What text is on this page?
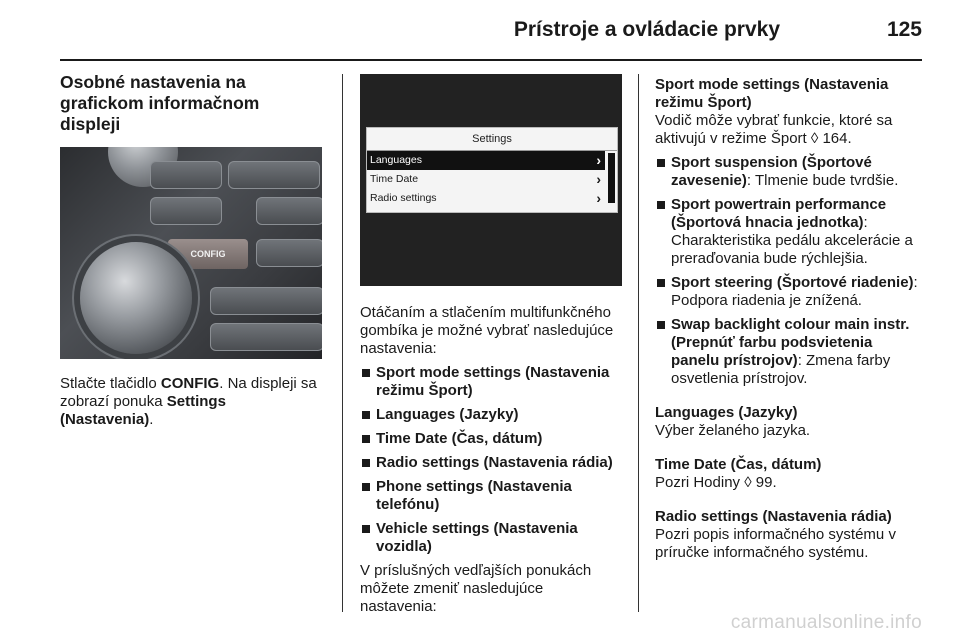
Prístroje a ovládacie prvky	125
Osobné nastavenia na
grafickom informačnom displeji
CONFIG

Stlačte tlačidlo CONFIG. Na displeji sa zobrazí ponuka Settings (Nastavenia).

Settings
Languages	›
Time Date	›
Radio settings	›

Otáčaním a stlačením multifunkčného gombíka je možné vybrať nasledujúce nastavenia:

Sport mode settings (Nastavenia režimu Šport)
Languages (Jazyky)
Time Date (Čas, dátum)
Radio settings (Nastavenia rádia)
Phone settings (Nastavenia telefónu)
Vehicle settings (Nastavenia vozidla)

V príslušných vedľajších ponukách môžete zmeniť nasledujúce nastavenia:

Sport mode settings (Nastavenia režimu Šport)

Vodič môže vybrať funkcie, ktoré sa aktivujú v režime Šport ◊ 164.

Sport suspension (Športové zavesenie): Tlmenie bude tvrdšie.
Sport powertrain performance (Športová hnacia jednotka): Charakteristika pedálu akcelerácie a preraďovania bude rýchlejšia.
Sport steering (Športové riadenie): Podpora riadenia je znížená.
Swap backlight colour main instr. (Prepnúť farbu podsvietenia panelu prístrojov): Zmena farby osvetlenia prístrojov.

Languages (Jazyky)

Výber želaného jazyka.

Time Date (Čas, dátum)

Pozri Hodiny ◊ 99.

Radio settings (Nastavenia rádia)

Pozri popis informačného systému v príručke informačného systému.

carmanualsonline.info
